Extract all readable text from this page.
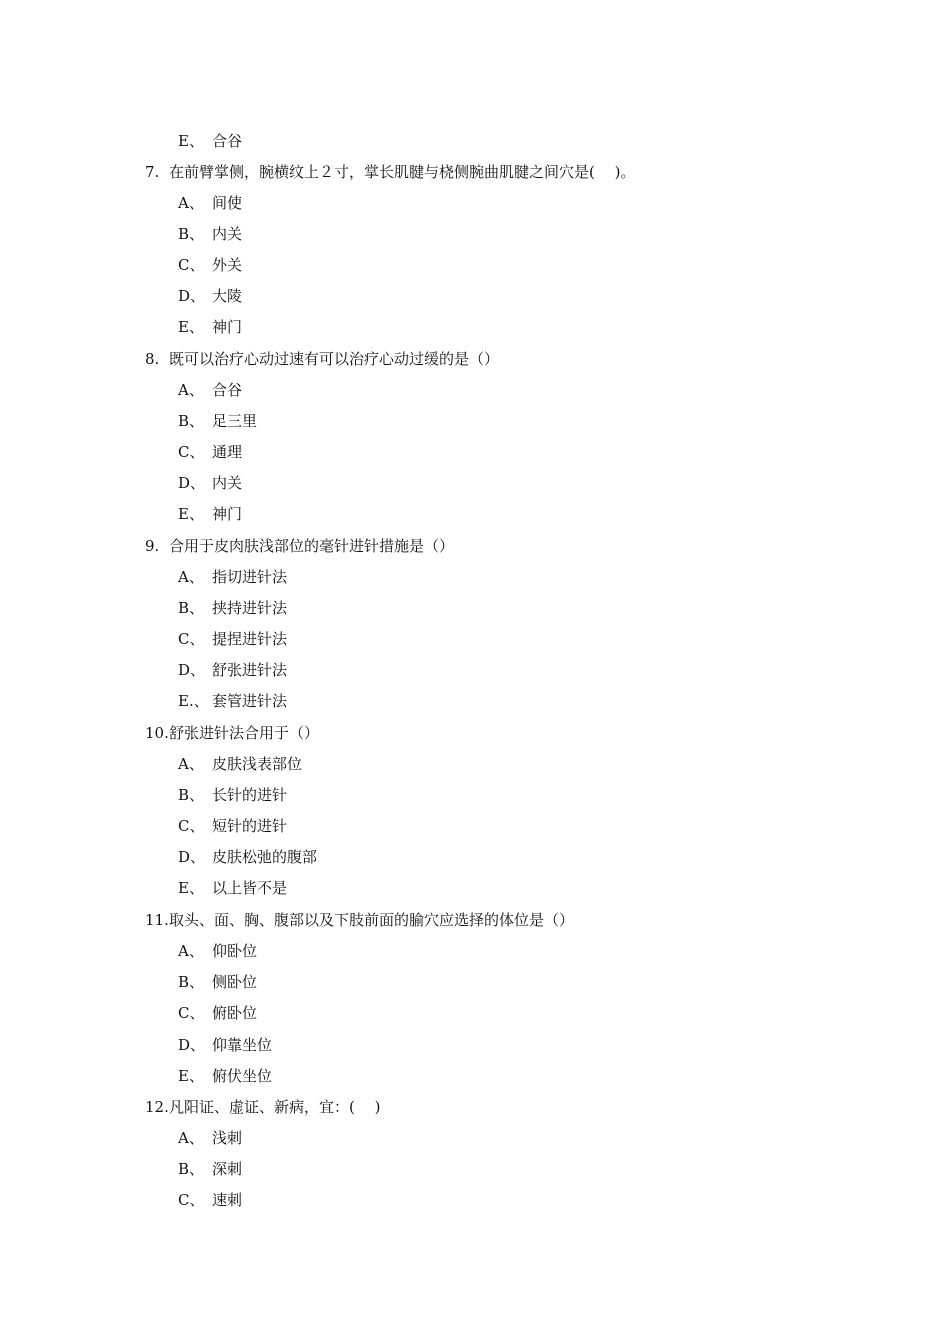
E、 合谷
7. 在前臂掌侧，腕横纹上２寸，掌长肌腱与桡侧腕曲肌腱之间穴是(　 )。
A、 间使
B、 内关
C、 外关
D、 大陵
E、 神门
8. 既可以治疗心动过速有可以治疗心动过缓的是（）
A、 合谷
B、 足三里
C、 通理
D、 内关
E、 神门
9. 合用于皮肉肤浅部位的毫针进针措施是（）
A、 指切进针法
B、 挟持进针法
C、 提捏进针法
D、 舒张进针法
E.、 套管进针法
10.舒张进针法合用于（）
A、 皮肤浅表部位
B、 长针的进针
C、 短针的进针
D、 皮肤松弛的腹部
E、 以上皆不是
11.取头、面、胸、腹部以及下肢前面的腧穴应选择的体位是（）
A、 仰卧位
B、 侧卧位
C、 俯卧位
D、 仰靠坐位
E、 俯伏坐位
12.凡阳证、虚证、新病，宜：(　 )
A、 浅刺
B、 深刺
C、 速刺
